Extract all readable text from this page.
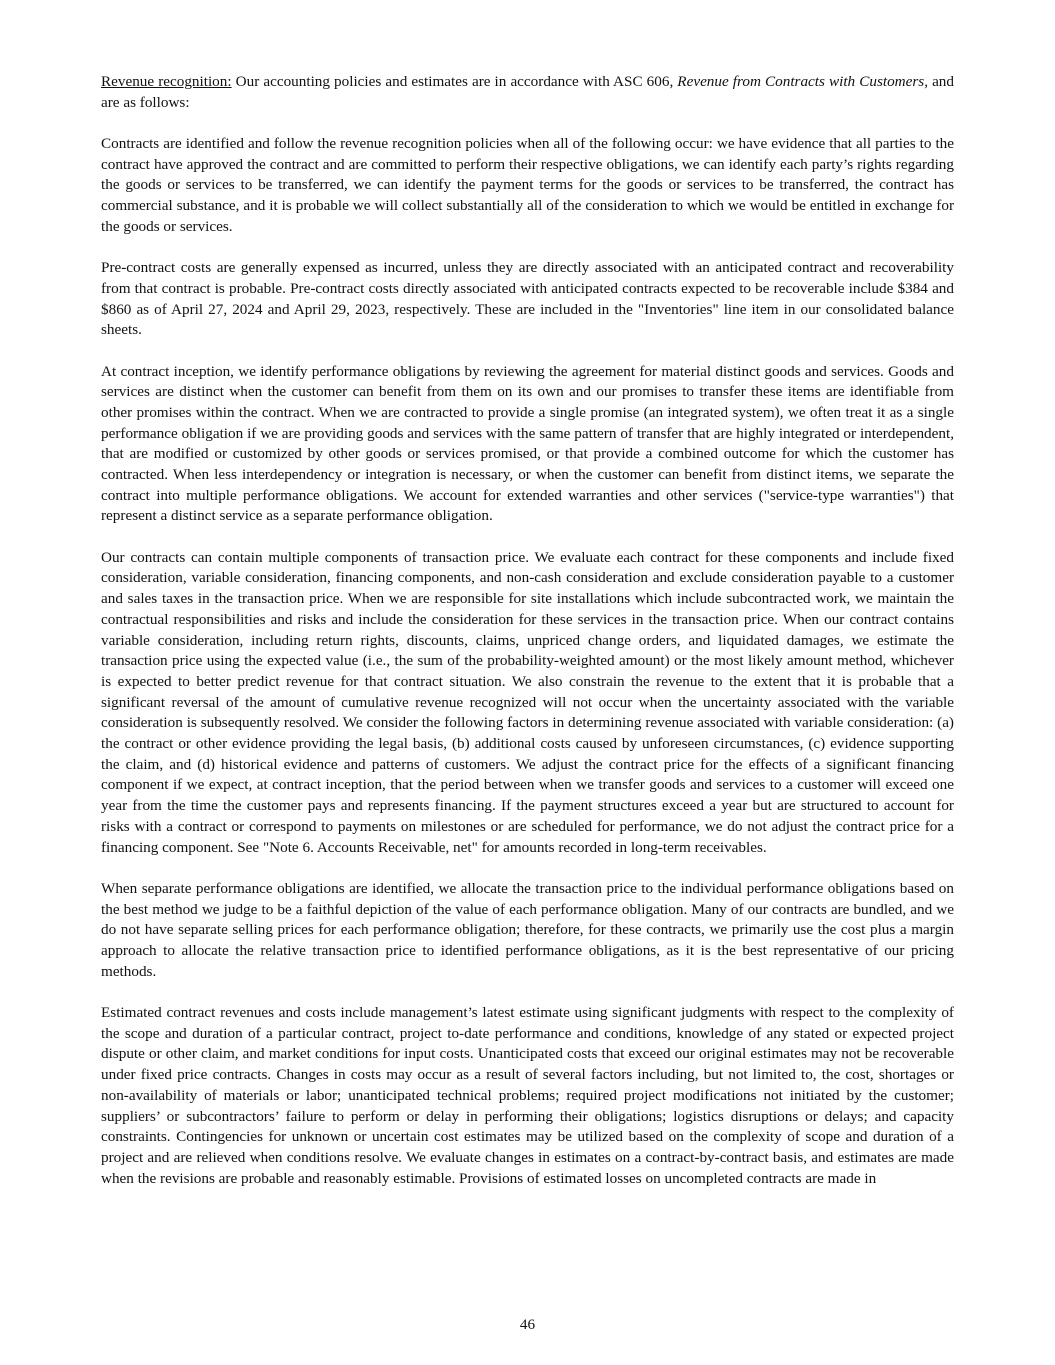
Revenue recognition: Our accounting policies and estimates are in accordance with ASC 606, Revenue from Contracts with Customers, and are as follows:

Contracts are identified and follow the revenue recognition policies when all of the following occur: we have evidence that all parties to the contract have approved the contract and are committed to perform their respective obligations, we can identify each party’s rights regarding the goods or services to be transferred, we can identify the payment terms for the goods or services to be transferred, the contract has commercial substance, and it is probable we will collect substantially all of the consideration to which we would be entitled in exchange for the goods or services.

Pre-contract costs are generally expensed as incurred, unless they are directly associated with an anticipated contract and recoverability from that contract is probable. Pre-contract costs directly associated with anticipated contracts expected to be recoverable include $384 and $860 as of April 27, 2024 and April 29, 2023, respectively. These are included in the "Inventories" line item in our consolidated balance sheets.

At contract inception, we identify performance obligations by reviewing the agreement for material distinct goods and services. Goods and services are distinct when the customer can benefit from them on its own and our promises to transfer these items are identifiable from other promises within the contract. When we are contracted to provide a single promise (an integrated system), we often treat it as a single performance obligation if we are providing goods and services with the same pattern of transfer that are highly integrated or interdependent, that are modified or customized by other goods or services promised, or that provide a combined outcome for which the customer has contracted. When less interdependency or integration is necessary, or when the customer can benefit from distinct items, we separate the contract into multiple performance obligations. We account for extended warranties and other services ("service-type warranties") that represent a distinct service as a separate performance obligation.

Our contracts can contain multiple components of transaction price. We evaluate each contract for these components and include fixed consideration, variable consideration, financing components, and non-cash consideration and exclude consideration payable to a customer and sales taxes in the transaction price. When we are responsible for site installations which include subcontracted work, we maintain the contractual responsibilities and risks and include the consideration for these services in the transaction price. When our contract contains variable consideration, including return rights, discounts, claims, unpriced change orders, and liquidated damages, we estimate the transaction price using the expected value (i.e., the sum of the probability-weighted amount) or the most likely amount method, whichever is expected to better predict revenue for that contract situation. We also constrain the revenue to the extent that it is probable that a significant reversal of the amount of cumulative revenue recognized will not occur when the uncertainty associated with the variable consideration is subsequently resolved. We consider the following factors in determining revenue associated with variable consideration: (a) the contract or other evidence providing the legal basis, (b) additional costs caused by unforeseen circumstances, (c) evidence supporting the claim, and (d) historical evidence and patterns of customers. We adjust the contract price for the effects of a significant financing component if we expect, at contract inception, that the period between when we transfer goods and services to a customer will exceed one year from the time the customer pays and represents financing. If the payment structures exceed a year but are structured to account for risks with a contract or correspond to payments on milestones or are scheduled for performance, we do not adjust the contract price for a financing component. See "Note 6. Accounts Receivable, net" for amounts recorded in long-term receivables.

When separate performance obligations are identified, we allocate the transaction price to the individual performance obligations based on the best method we judge to be a faithful depiction of the value of each performance obligation. Many of our contracts are bundled, and we do not have separate selling prices for each performance obligation; therefore, for these contracts, we primarily use the cost plus a margin approach to allocate the relative transaction price to identified performance obligations, as it is the best representative of our pricing methods.

Estimated contract revenues and costs include management’s latest estimate using significant judgments with respect to the complexity of the scope and duration of a particular contract, project to-date performance and conditions, knowledge of any stated or expected project dispute or other claim, and market conditions for input costs. Unanticipated costs that exceed our original estimates may not be recoverable under fixed price contracts. Changes in costs may occur as a result of several factors including, but not limited to, the cost, shortages or non-availability of materials or labor; unanticipated technical problems; required project modifications not initiated by the customer; suppliers’ or subcontractors’ failure to perform or delay in performing their obligations; logistics disruptions or delays; and capacity constraints. Contingencies for unknown or uncertain cost estimates may be utilized based on the complexity of scope and duration of a project and are relieved when conditions resolve. We evaluate changes in estimates on a contract-by-contract basis, and estimates are made when the revisions are probable and reasonably estimable. Provisions of estimated losses on uncompleted contracts are made in

46
